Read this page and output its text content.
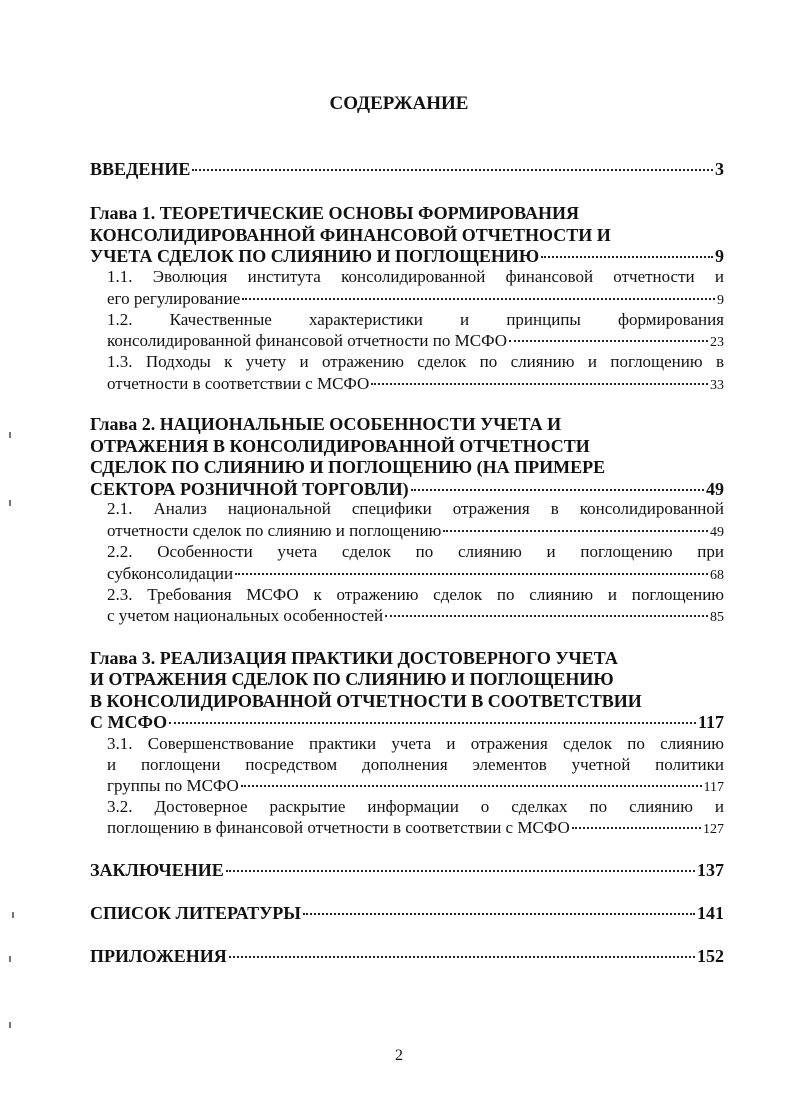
СОДЕРЖАНИЕ
ВВЕДЕНИЕ	3
Глава 1. ТЕОРЕТИЧЕСКИЕ ОСНОВЫ ФОРМИРОВАНИЯ
КОНСОЛИДИРОВАННОЙ ФИНАНСОВОЙ ОТЧЕТНОСТИ И
УЧЕТА СДЕЛОК ПО СЛИЯНИЮ И ПОГЛОЩЕНИЮ	9
1.1. Эволюция института консолидированной финансовой отчетности и
его регулирование	9
1.2. Качественные характеристики и принципы формирования
консолидированной финансовой отчетности по МСФО	23
1.3. Подходы к учету и отражению сделок по слиянию и поглощению в
отчетности в соответствии с МСФО	33
Глава 2. НАЦИОНАЛЬНЫЕ ОСОБЕННОСТИ УЧЕТА И
ОТРАЖЕНИЯ В КОНСОЛИДИРОВАННОЙ ОТЧЕТНОСТИ
СДЕЛОК ПО СЛИЯНИЮ И ПОГЛОЩЕНИЮ (НА ПРИМЕРЕ
СЕКТОРА РОЗНИЧНОЙ ТОРГОВЛИ)	49
2.1. Анализ национальной специфики отражения в консолидированной
отчетности сделок по слиянию и поглощению	49
2.2. Особенности учета сделок по слиянию и поглощению при
субконсолидации	68
2.3. Требования МСФО к отражению сделок по слиянию и поглощению
с учетом национальных особенностей	85
Глава 3. РЕАЛИЗАЦИЯ ПРАКТИКИ ДОСТОВЕРНОГО УЧЕТА
И ОТРАЖЕНИЯ СДЕЛОК ПО СЛИЯНИЮ И ПОГЛОЩЕНИЮ
В КОНСОЛИДИРОВАННОЙ ОТЧЕТНОСТИ В СООТВЕТСТВИИ
С МСФО	117
3.1. Совершенствование практики учета и отражения сделок по слиянию
и поглощени посредством дополнения элементов учетной политики
группы по МСФО	117
3.2. Достоверное раскрытие информации о сделках по слиянию и
поглощению в финансовой отчетности в соответствии с МСФО	127
ЗАКЛЮЧЕНИЕ	137
СПИСОК ЛИТЕРАТУРЫ	141
ПРИЛОЖЕНИЯ	152
2
